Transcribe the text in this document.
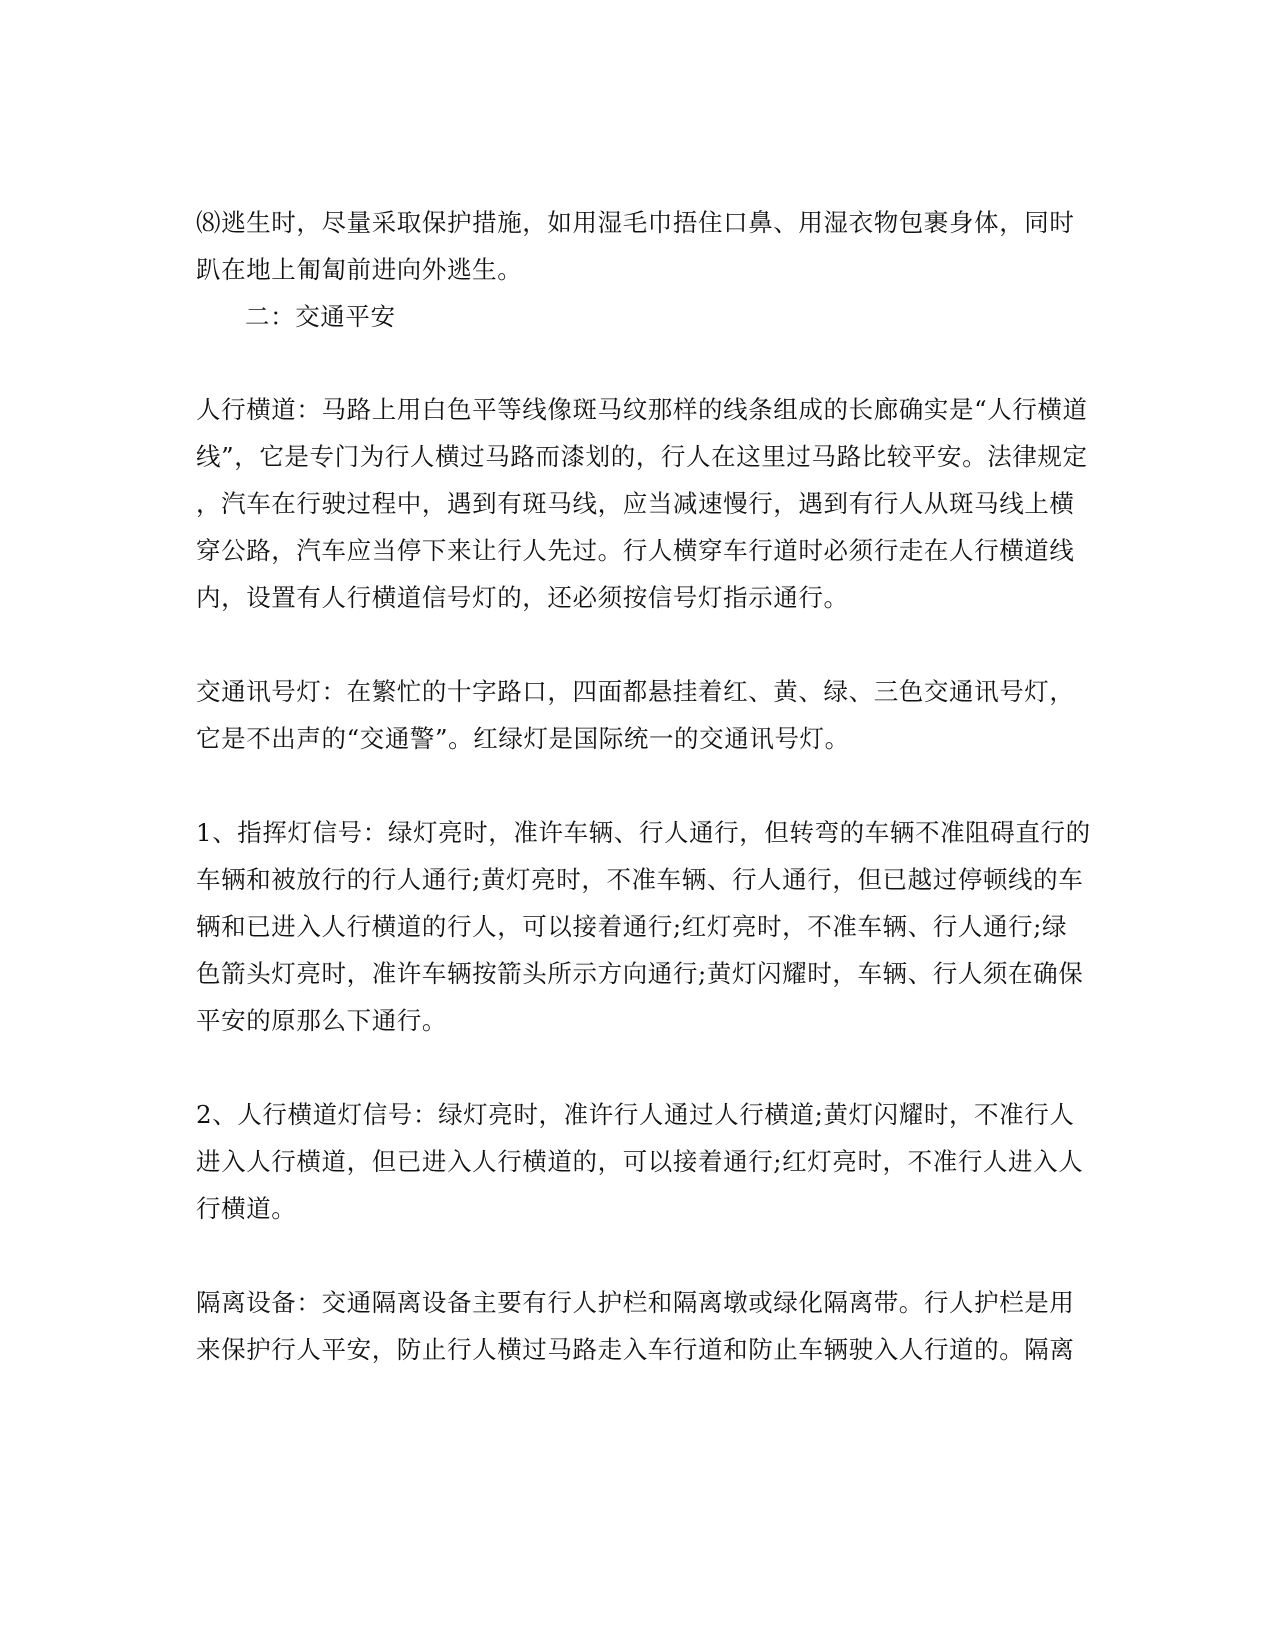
⑻逃生时，尽量采取保护措施，如用湿毛巾捂住口鼻、用湿衣物包裹身体，同时
趴在地上匍匐前进向外逃生。
二：交通平安
人行横道：马路上用白色平等线像斑马纹那样的线条组成的长廊确实是“人行横道
线”，它是专门为行人横过马路而漆划的，行人在这里过马路比较平安。法律规定
，汽车在行驶过程中，遇到有斑马线，应当减速慢行，遇到有行人从斑马线上横
穿公路，汽车应当停下来让行人先过。行人横穿车行道时必须行走在人行横道线
内，设置有人行横道信号灯的，还必须按信号灯指示通行。
交通讯号灯：在繁忙的十字路口，四面都悬挂着红、黄、绿、三色交通讯号灯，
它是不出声的“交通警”。红绿灯是国际统一的交通讯号灯。
1、指挥灯信号：绿灯亮时，准许车辆、行人通行，但转弯的车辆不准阻碍直行的
车辆和被放行的行人通行;黄灯亮时，不准车辆、行人通行，但已越过停顿线的车
辆和已进入人行横道的行人，可以接着通行;红灯亮时，不准车辆、行人通行;绿
色箭头灯亮时，准许车辆按箭头所示方向通行;黄灯闪耀时，车辆、行人须在确保
平安的原那么下通行。
2、人行横道灯信号：绿灯亮时，准许行人通过人行横道;黄灯闪耀时，不准行人
进入人行横道，但已进入人行横道的，可以接着通行;红灯亮时，不准行人进入人
行横道。
隔离设备：交通隔离设备主要有行人护栏和隔离墩或绿化隔离带。行人护栏是用
来保护行人平安，防止行人横过马路走入车行道和防止车辆驶入人行道的。隔离
